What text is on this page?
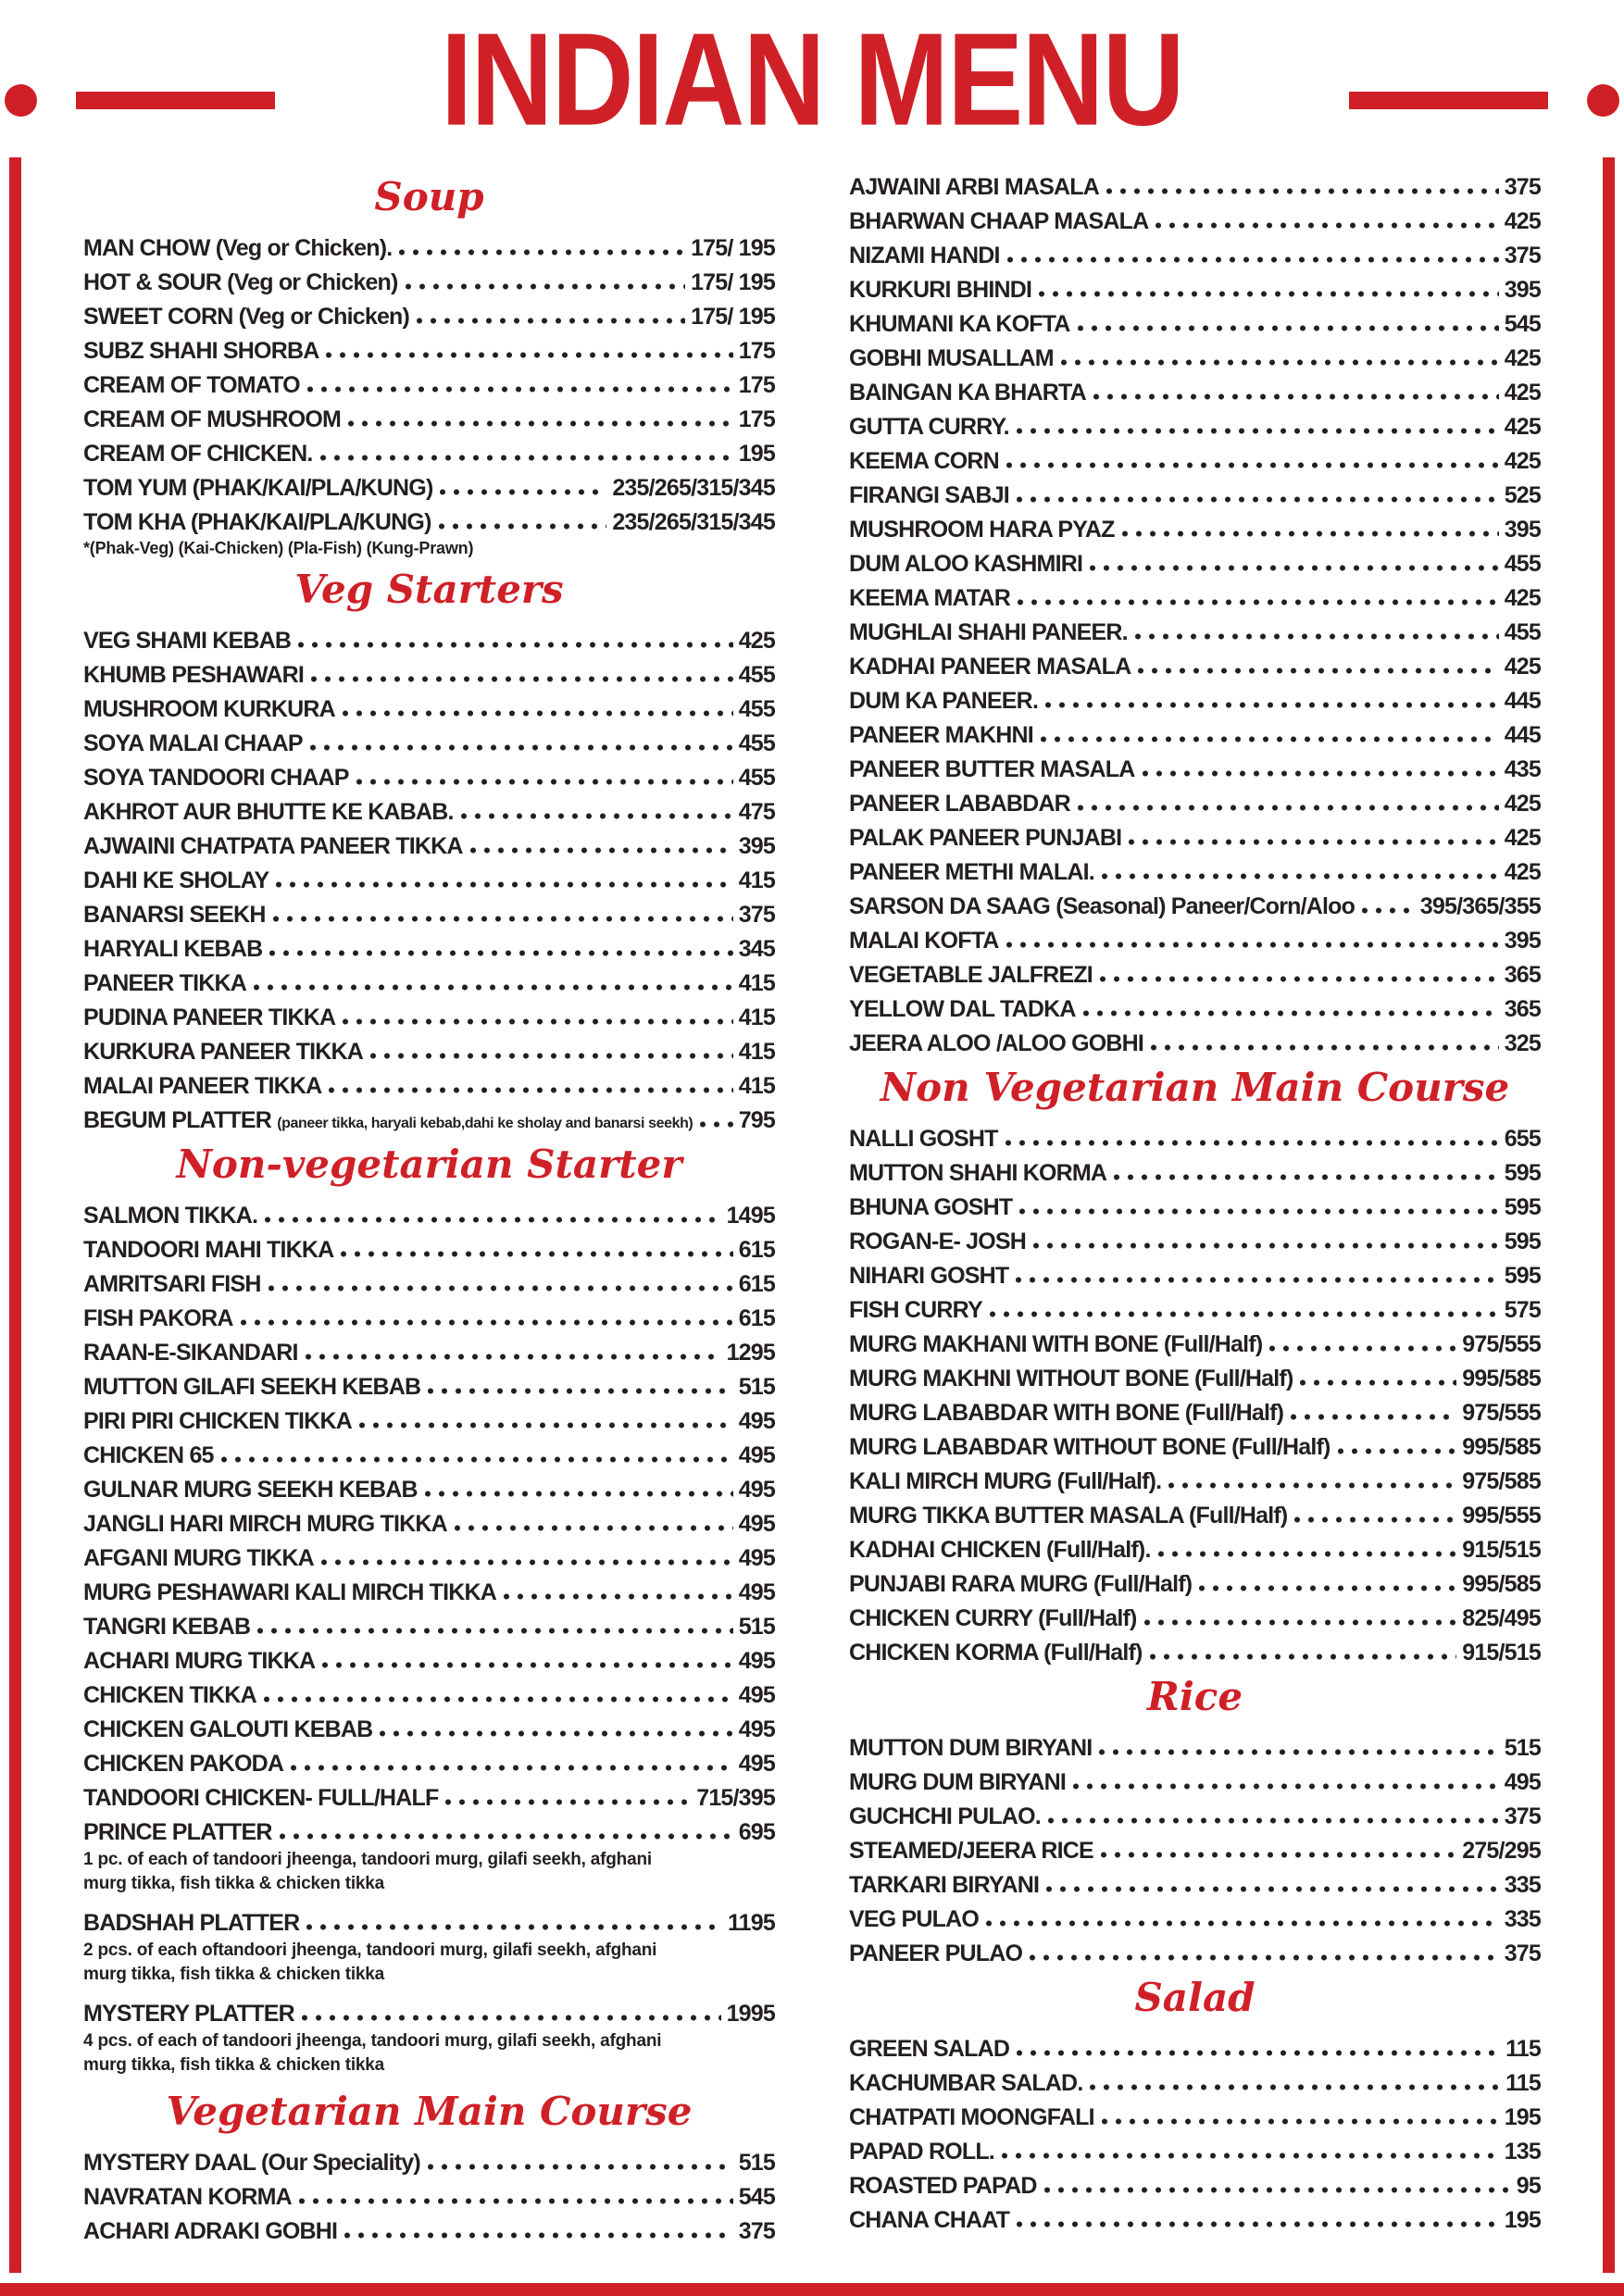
INDIAN MENU
Soup
MAN CHOW (Veg or Chicken).	175/ 195
HOT & SOUR (Veg or Chicken)	175/ 195
SWEET CORN (Veg or Chicken)	175/ 195
SUBZ SHAHI SHORBA	175
CREAM OF TOMATO	175
CREAM OF MUSHROOM	175
CREAM OF CHICKEN.	195
TOM YUM (PHAK/KAI/PLA/KUNG)	235/265/315/345
TOM KHA (PHAK/KAI/PLA/KUNG)	235/265/315/345
*(Phak-Veg) (Kai-Chicken) (Pla-Fish) (Kung-Prawn)
Veg Starters
VEG SHAMI KEBAB	425
KHUMB PESHAWARI	455
MUSHROOM KURKURA	455
SOYA MALAI CHAAP	455
SOYA TANDOORI CHAAP	455
AKHROT AUR BHUTTE KE KABAB.	475
AJWAINI CHATPATA PANEER TIKKA	395
DAHI KE SHOLAY	415
BANARSI SEEKH	375
HARYALI KEBAB	345
PANEER TIKKA	415
PUDINA PANEER TIKKA	415
KURKURA PANEER TIKKA	415
MALAI PANEER TIKKA	415
BEGUM PLATTER (paneer tikka, haryali kebab,dahi ke sholay and banarsi seekh) 795
Non-vegetarian Starter
SALMON TIKKA.	1495
TANDOORI MAHI TIKKA	615
AMRITSARI FISH	615
FISH PAKORA	615
RAAN-E-SIKANDARI	1295
MUTTON GILAFI SEEKH KEBAB	515
PIRI PIRI CHICKEN TIKKA	495
CHICKEN 65	495
GULNAR MURG SEEKH KEBAB	495
JANGLI HARI MIRCH MURG TIKKA	495
AFGANI MURG TIKKA	495
MURG PESHAWARI KALI MIRCH TIKKA	495
TANGRI KEBAB	515
ACHARI MURG TIKKA	495
CHICKEN TIKKA	495
CHICKEN GALOUTI KEBAB	495
CHICKEN PAKODA	495
TANDOORI CHICKEN- FULL/HALF	715/395
PRINCE PLATTER	695
1 pc. of each of tandoori jheenga, tandoori murg, gilafi seekh, afghani murg tikka, fish tikka & chicken tikka
BADSHAH PLATTER	1195
2 pcs. of each oftandoori jheenga, tandoori murg, gilafi seekh, afghani murg tikka, fish tikka & chicken tikka
MYSTERY PLATTER	1995
4 pcs. of each of tandoori jheenga, tandoori murg, gilafi seekh, afghani murg tikka, fish tikka & chicken tikka
Vegetarian Main Course
MYSTERY DAAL (Our Speciality)	515
NAVRATAN KORMA	545
ACHARI ADRAKI GOBHI	375
AJWAINI ARBI MASALA	375
BHARWAN CHAAP MASALA	425
NIZAMI HANDI	375
KURKURI BHINDI	395
KHUMANI KA KOFTA	545
GOBHI MUSALLAM	425
BAINGAN KA BHARTA	425
GUTTA CURRY.	425
KEEMA CORN	425
FIRANGI SABJI	525
MUSHROOM HARA PYAZ	395
DUM ALOO KASHMIRI	455
KEEMA MATAR	425
MUGHLAI SHAHI PANEER.	455
KADHAI PANEER MASALA	425
DUM KA PANEER.	445
PANEER MAKHNI	445
PANEER BUTTER MASALA	435
PANEER LABABDAR	425
PALAK PANEER PUNJABI	425
PANEER METHI MALAI.	425
SARSON DA SAAG (Seasonal) Paneer/Corn/Aloo	395/365/355
MALAI KOFTA	395
VEGETABLE JALFREZI	365
YELLOW DAL TADKA	365
JEERA ALOO /ALOO GOBHI	325
Non Vegetarian Main Course
NALLI GOSHT	655
MUTTON SHAHI KORMA	595
BHUNA GOSHT	595
ROGAN-E- JOSH	595
NIHARI GOSHT	595
FISH CURRY	575
MURG MAKHANI WITH BONE (Full/Half)	975/555
MURG MAKHNI WITHOUT BONE (Full/Half)	995/585
MURG LABABDAR WITH BONE (Full/Half)	975/555
MURG LABABDAR WITHOUT BONE (Full/Half)	995/585
KALI MIRCH MURG (Full/Half).	975/585
MURG TIKKA BUTTER MASALA (Full/Half)	995/555
KADHAI CHICKEN (Full/Half).	915/515
PUNJABI RARA MURG (Full/Half)	995/585
CHICKEN CURRY (Full/Half)	825/495
CHICKEN KORMA (Full/Half)	915/515
Rice
MUTTON DUM BIRYANI	515
MURG DUM BIRYANI	495
GUCHCHI PULAO.	375
STEAMED/JEERA RICE	275/295
TARKARI BIRYANI	335
VEG PULAO	335
PANEER PULAO	375
Salad
GREEN SALAD	115
KACHUMBAR SALAD.	115
CHATPATI MOONGFALI	195
PAPAD ROLL.	135
ROASTED PAPAD	95
CHANA CHAAT	195
